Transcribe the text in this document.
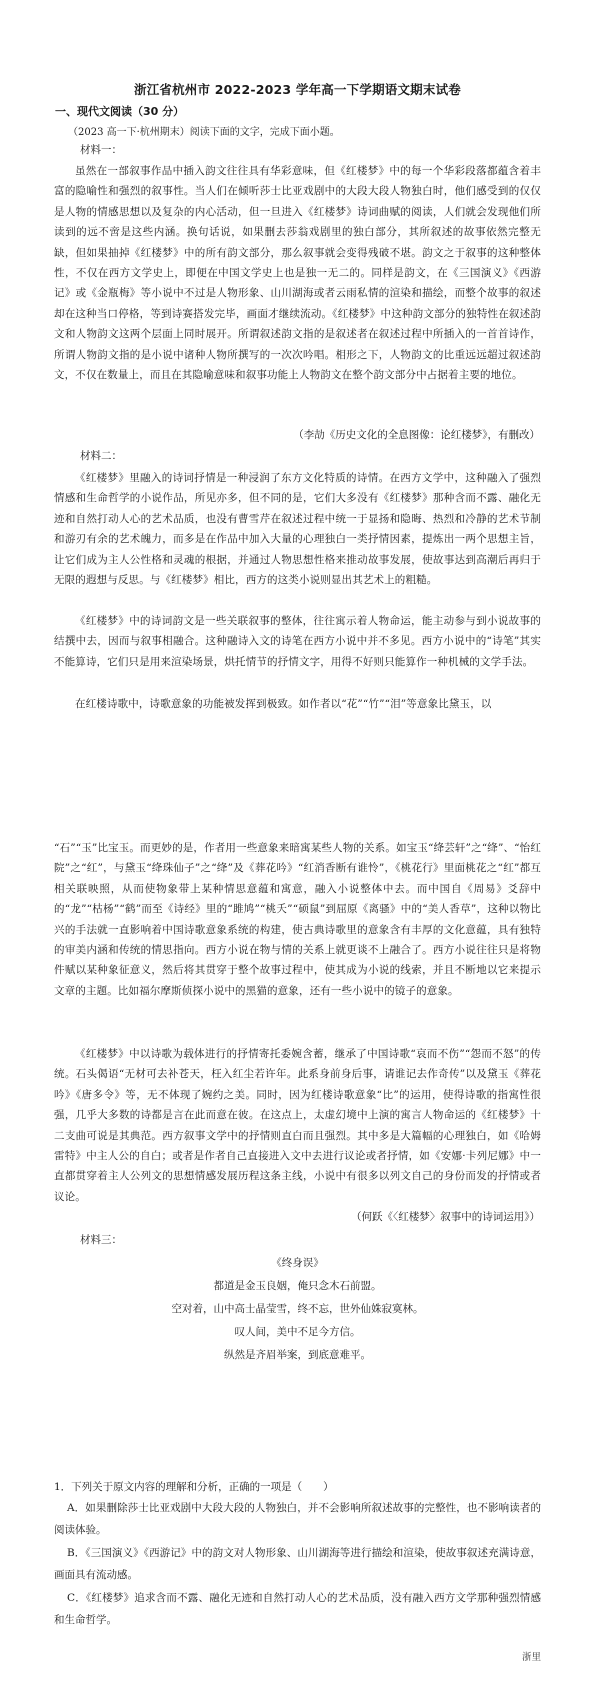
浙江省杭州市 2022-2023 学年高一下学期语文期末试卷
一、现代文阅读（30 分）
（2023 高一下·杭州期末）阅读下面的文字，完成下面小题。
材料一：

虽然在一部叙事作品中插入韵文往往具有华彩意味，但《红楼梦》中的每一个华彩段落都蕴含着丰富的隐喻性和强烈的叙事性。当人们在倾听莎士比亚戏剧中的大段大段人物独白时，他们感受到的仅仅是人物的情感思想以及复杂的内心活动，但一旦进入《红楼梦》诗词曲赋的阅读，人们就会发现他们所读到的远不啻是这些内涵。换句话说，如果删去莎翁戏剧里的独白部分，其所叙述的故事依然完整无缺，但如果抽掉《红楼梦》中的所有韵文部分，那么叙事就会变得残破不堪。韵文之于叙事的这种整体性，不仅在西方文学史上，即便在中国文学史上也是独一无二的。同样是韵文，在《三国演义》《西游记》或《金瓶梅》等小说中不过是人物形象、山川湖海或者云雨私情的渲染和描绘，而整个故事的叙述却在这种当口停格，等到诗赛搭发完毕，画面才继续流动。《红楼梦》中这种韵文部分的独特性在叙述韵文和人物韵文这两个层面上同时展开。所谓叙述韵文指的是叙述者在叙述过程中所插入的一首首诗作，所谓人物韵文指的是小说中诸种人物所撰写的一次次吟唱。相形之下，人物韵文的比重远远超过叙述韵文，不仅在数量上，而且在其隐喻意味和叙事功能上人物韵文在整个韵文部分中占据着主要的地位。

（李劼《历史文化的全息图像：论红楼梦》，有删改）
材料二：

《红楼梦》里融入的诗词抒情是一种浸润了东方文化特质的诗情。在西方文学中，这种融入了强烈情感和生命哲学的小说作品，所见亦多，但不同的是，它们大多没有《红楼梦》那种含而不露、融化无迹和自然打动人心的艺术品质，也没有曹雪芹在叙述过程中统一于显扬和隐晦、热烈和冷静的艺术节制和游刃有余的艺术魄力，而多是在作品中加入大量的心理独白一类抒情因素，提炼出一两个思想主旨，让它们成为主人公性格和灵魂的根据，并通过人物思想性格来推动故事发展，使故事达到高潮后再归于无限的遐想与反思。与《红楼梦》相比，西方的这类小说则显出其艺术上的粗糙。

《红楼梦》中的诗词韵文是一些关联叙事的整体，往往寓示着人物命运，能主动参与到小说故事的结撰中去，因而与叙事相融合。这种融诗入文的诗笔在西方小说中并不多见。西方小说中的“诗笔”其实不能算诗，它们只是用来渲染场景，烘托情节的抒情文字，用得不好则只能算作一种机械的文学手法。

在红楼诗歌中，诗歌意象的功能被发挥到极致。如作者以“花”“竹”“泪”等意象比黛玉，以

“石”“玉”比宝玉。而更妙的是，作者用一些意象来暗寓某些人物的关系。如宝玉“绛芸轩”之“绛”、“怡红院”之“红”，与黛玉“绛珠仙子”之“绛”及《葬花吟》“红消香断有谁怜”，《桃花行》里面桃花之“红”都互相关联映照，从而使物象带上某种情思意蕴和寓意，融入小说整体中去。而中国自《周易》爻辞中的“龙”“枯杨”“鹤”而至《诗经》里的“雎鸠”“桃夭”“硕鼠”到屈原《离骚》中的“美人香草”，这种以物比兴的手法就一直影响着中国诗歌意象系统的构建，使古典诗歌里的意象含有丰厚的文化意蕴，具有独特的审美内涵和传统的情思指向。西方小说在物与情的关系上就更谈不上融合了。西方小说往往只是将物件赋以某种象征意义，然后将其贯穿于整个故事过程中，使其成为小说的线索，并且不断地以它来提示文章的主题。比如福尔摩斯侦探小说中的黑猫的意象，还有一些小说中的镜子的意象。

《红楼梦》中以诗歌为载体进行的抒情寄托委婉含蓄，继承了中国诗歌“哀而不伤”“怨而不怒”的传统。石头偈语“无材可去补苍天，枉入红尘若许年。此系身前身后事，请谁记去作奇传”以及黛玉《葬花吟》《唐多令》等，无不体现了婉约之美。同时，因为红楼诗歌意象“比”的运用，使得诗歌的指寓性很强，几乎大多数的诗都是言在此而意在彼。在这点上，太虚幻境中上演的寓言人物命运的《红楼梦》十二支曲可说是其典范。西方叙事文学中的抒情则直白而且强烈。其中多是大篇幅的心理独白，如《哈姆雷特》中主人公的自白；或者是作者自己直接进入文中去进行议论或者抒情，如《安娜·卡列尼娜》中一直都贯穿着主人公列文的思想情感发展历程这条主线，小说中有很多以列文自己的身份而发的抒情或者议论。

（何跃《〈红楼梦〉叙事中的诗词运用》）
材料三：
《终身误》
都道是金玉良姻，俺只念木石前盟。
空对着，山中高士晶莹雪，终不忘，世外仙姝寂寞林。
叹人间，美中不足今方信。
纵然是齐眉举案，到底意难平。
1．下列关于原文内容的理解和分析，正确的一项是（　　）

A．如果删除莎士比亚戏剧中大段大段的人物独白，并不会影响所叙述故事的完整性，也不影响读者的阅读体验。

B．《三国演义》《西游记》中的韵文对人物形象、山川湖海等进行描绘和渲染，使故事叙述充满诗意，画面具有流动感。

C．《红楼梦》追求含而不露、融化无迹和自然打动人心的艺术品质，没有融入西方文学那种强烈情感和生命哲学。

浙里
